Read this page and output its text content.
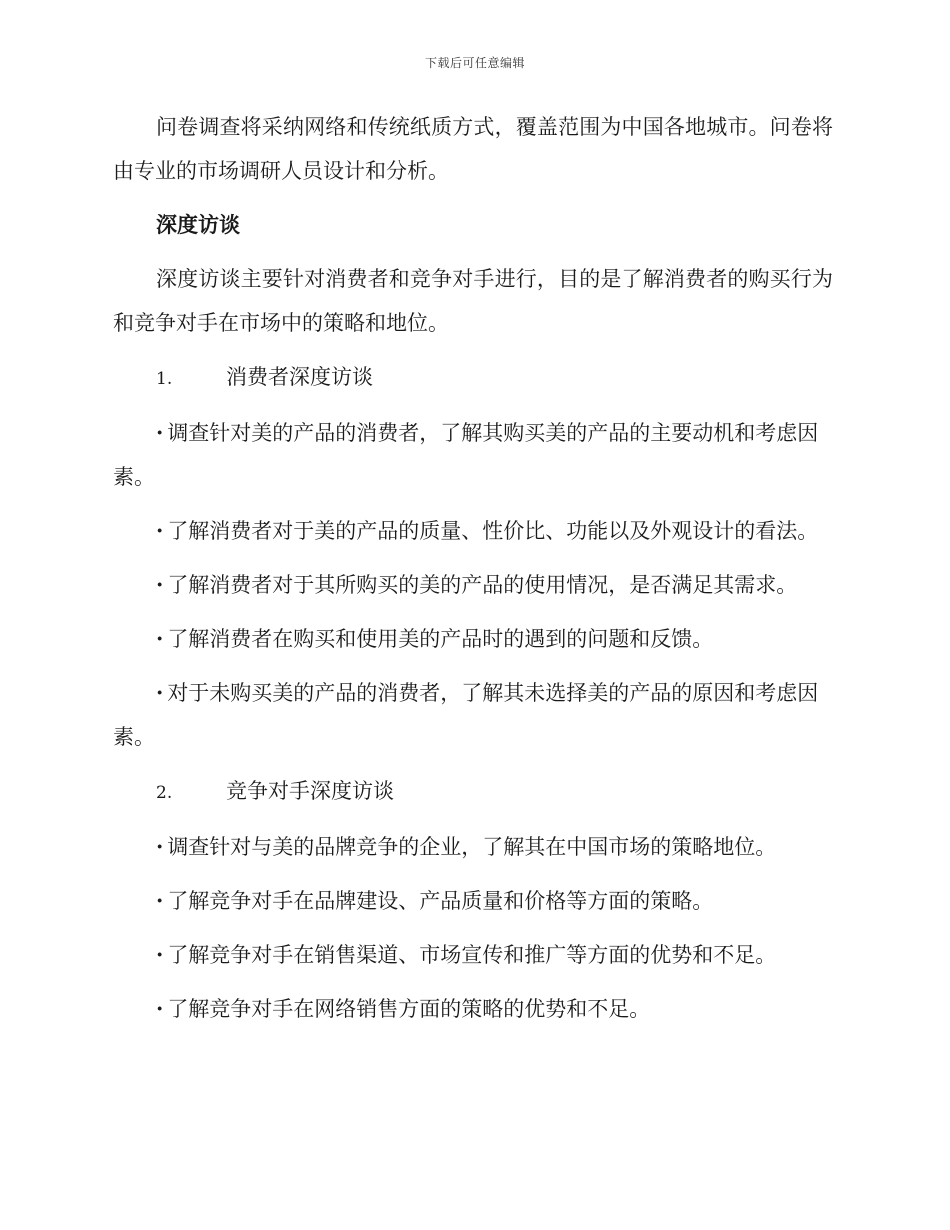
下载后可任意编辑

问卷调查将采纳网络和传统纸质方式，覆盖范围为中国各地城市。问卷将由专业的市场调研人员设计和分析。

深度访谈

深度访谈主要针对消费者和竞争对手进行，目的是了解消费者的购买行为和竞争对手在市场中的策略和地位。

1.	消费者深度访谈

· 调查针对美的产品的消费者，了解其购买美的产品的主要动机和考虑因素。

· 了解消费者对于美的产品的质量、性价比、功能以及外观设计的看法。

· 了解消费者对于其所购买的美的产品的使用情况，是否满足其需求。

· 了解消费者在购买和使用美的产品时的遇到的问题和反馈。

· 对于未购买美的产品的消费者，了解其未选择美的产品的原因和考虑因素。

2.	竞争对手深度访谈

· 调查针对与美的品牌竞争的企业，了解其在中国市场的策略地位。

· 了解竞争对手在品牌建设、产品质量和价格等方面的策略。

· 了解竞争对手在销售渠道、市场宣传和推广等方面的优势和不足。

· 了解竞争对手在网络销售方面的策略的优势和不足。
